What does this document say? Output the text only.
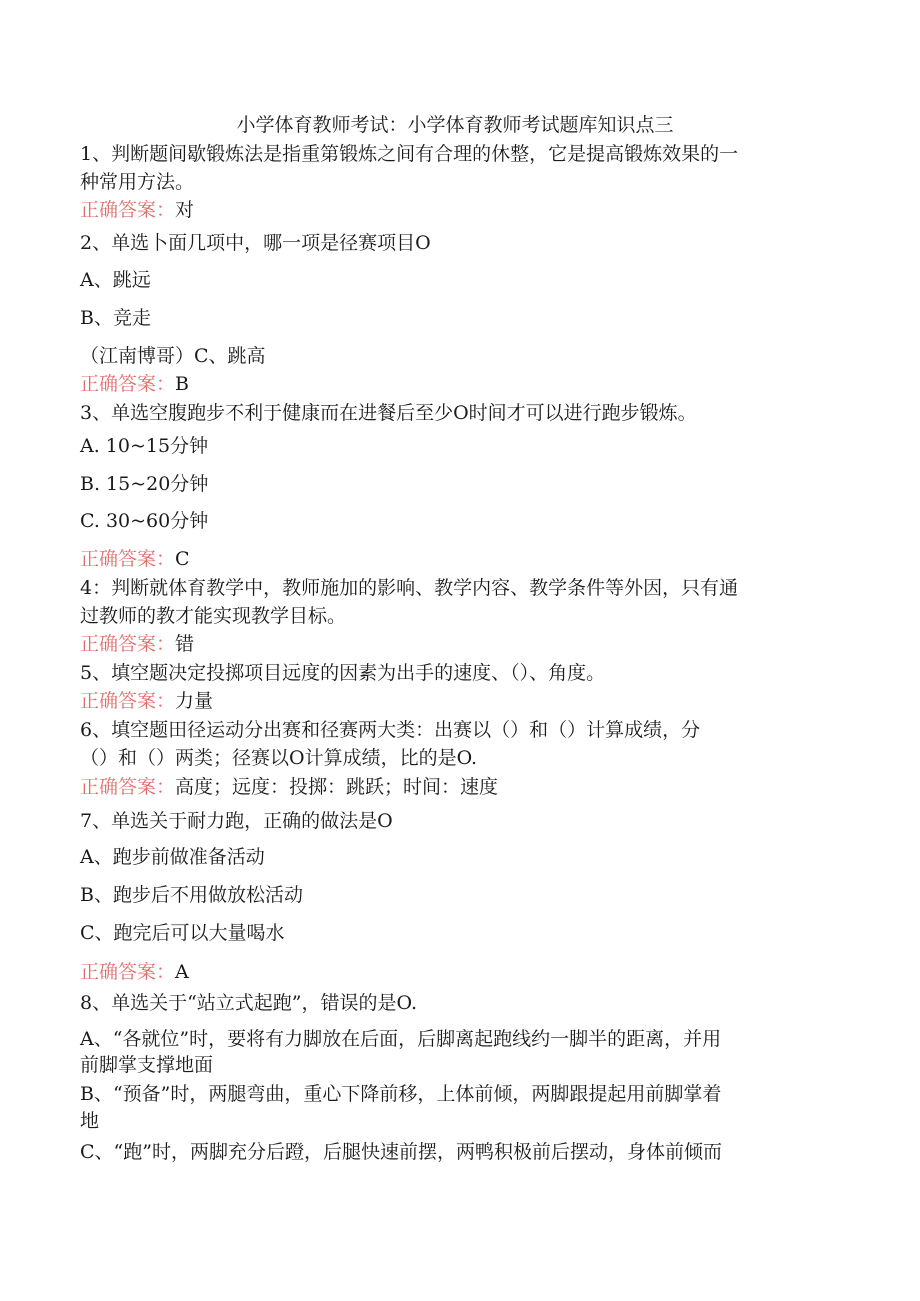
小学体育教师考试：小学体育教师考试题库知识点三
1、判断题间歇锻炼法是指重第锻炼之间有合理的休整，它是提高锻炼效果的一
种常用方法。
正确答案：对
2、单选卜面几项中，哪一项是径赛项目O
A、跳远
B、竞走
（江南博哥）C、跳高
正确答案：B
3、单选空腹跑步不利于健康而在进餐后至少O时间才可以进行跑步锻炼。
A. 10~15分钟
B. 15~20分钟
C. 30~60分钟
正确答案：C
4：判断就体育教学中，教师施加的影响、教学内容、教学条件等外因，只有通
过教师的教才能实现教学目标。
正确答案：错
5、填空题决定投掷项目远度的因素为出手的速度、（）、角度。
正确答案：力量
6、填空题田径运动分出赛和径赛两大类：出赛以（）和（）计算成绩，分
（）和（）两类；径赛以O计算成绩，比的是O.
正确答案：高度；远度：投掷：跳跃；时间：速度
7、单选关于耐力跑，正确的做法是O
A、跑步前做准备活动
B、跑步后不用做放松活动
C、跑完后可以大量喝水
正确答案：A
8、单选关于“站立式起跑”，错误的是O.
A、“各就位”时，要将有力脚放在后面，后脚离起跑线约一脚半的距离，并用
前脚掌支撑地面
B、“预备”时，两腿弯曲，重心下降前移，上体前倾，两脚跟提起用前脚掌着
地
C、“跑”时，两脚充分后蹬，后腿快速前摆，两鸭积极前后摆动，身体前倾而
